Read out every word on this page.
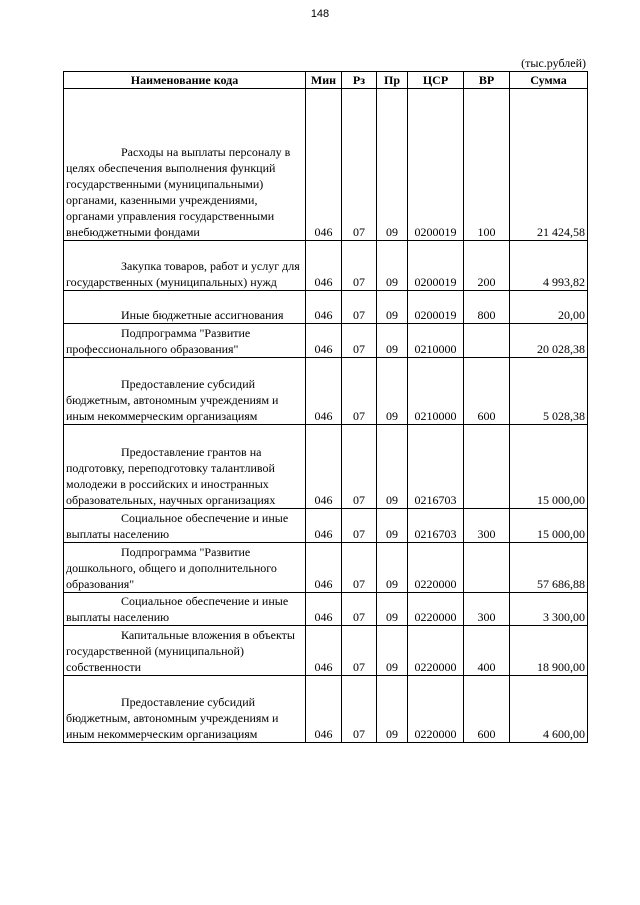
148
(тыс.рублей)
Наименование кода	Мин	Рз	Пр	ЦСР	ВР	Сумма

Расходы на выплаты персоналу в целях обеспечения выполнения функций государственными (муниципальными) органами, казенными учреждениями, органами управления государственными внебюджетными фондами	046	07	09	0200019	100	21 424,58

Закупка товаров, работ и услуг для государственных (муниципальных) нужд	046	07	09	0200019	200	4 993,82

Иные бюджетные ассигнования	046	07	09	0200019	800	20,00

Подпрограмма "Развитие профессионального образования"	046	07	09	0210000		20 028,38

Предоставление субсидий бюджетным, автономным учреждениям и иным некоммерческим организациям	046	07	09	0210000	600	5 028,38

Предоставление грантов на подготовку, переподготовку талантливой молодежи в российских и иностранных образовательных, научных организациях	046	07	09	0216703		15 000,00

Социальное обеспечение и иные выплаты населению	046	07	09	0216703	300	15 000,00

Подпрограмма "Развитие дошкольного, общего и дополнительного образования"	046	07	09	0220000		57 686,88

Социальное обеспечение и иные выплаты населению	046	07	09	0220000	300	3 300,00

Капитальные вложения в объекты государственной (муниципальной) собственности	046	07	09	0220000	400	18 900,00

Предоставление субсидий бюджетным, автономным учреждениям и иным некоммерческим организациям	046	07	09	0220000	600	4 600,00
